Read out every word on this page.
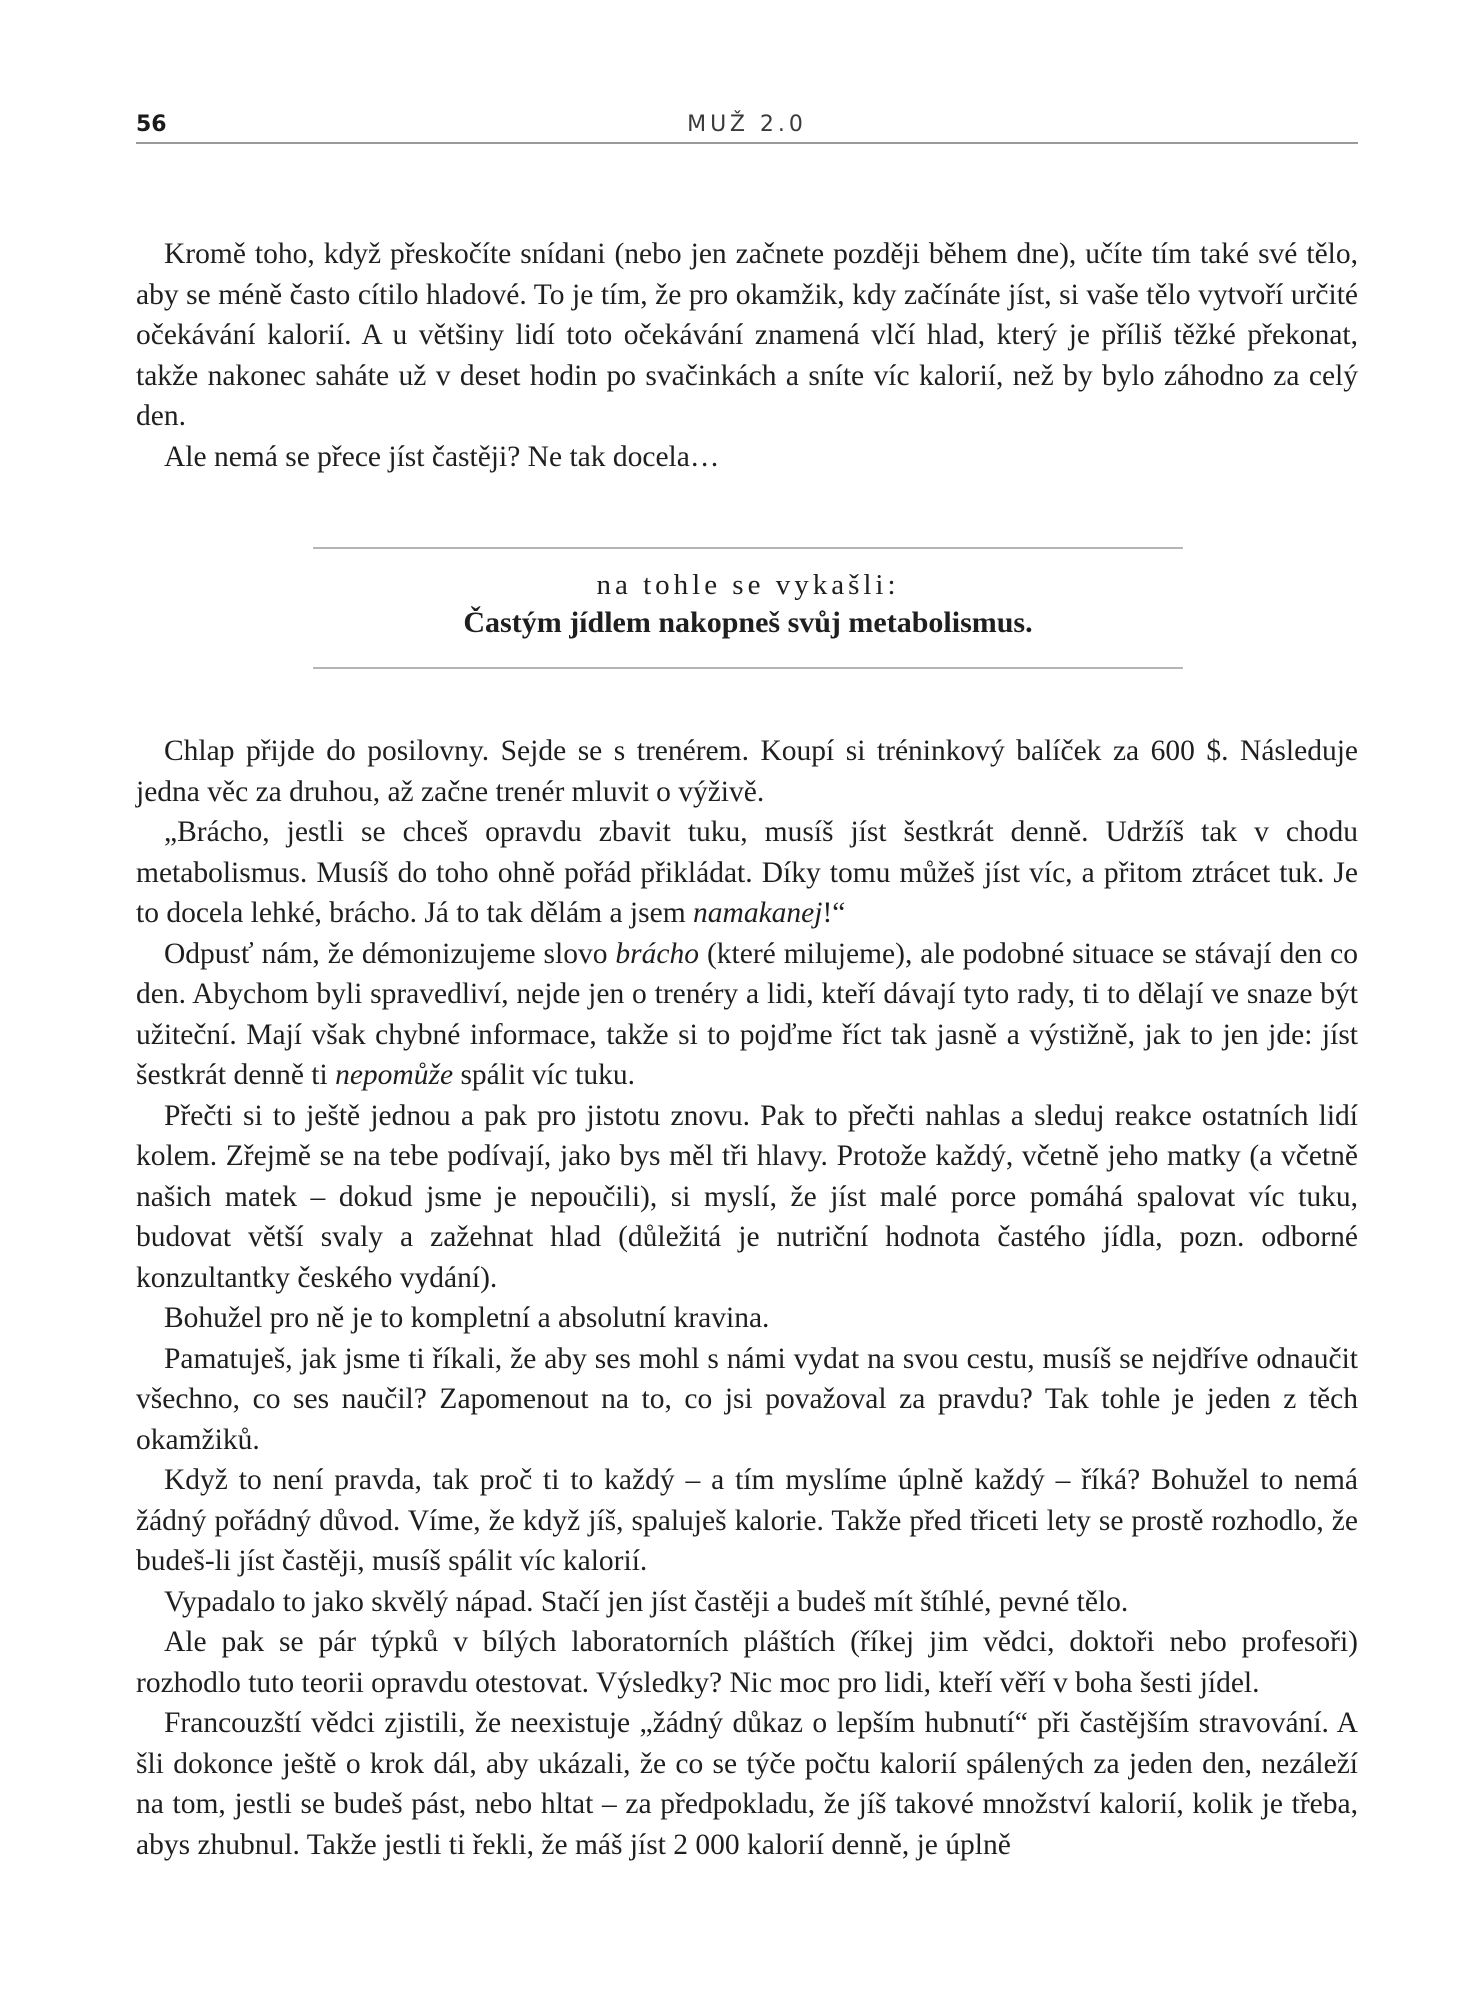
56	MUŽ 2.0

Kromě toho, když přeskočíte snídani (nebo jen začnete později během dne), učíte tím také své tělo, aby se méně často cítilo hladové. To je tím, že pro okamžik, kdy začínáte jíst, si vaše tělo vytvoří určité očekávání kalorií. A u většiny lidí toto očekávání znamená vlčí hlad, který je příliš těžké překonat, takže nakonec saháte už v deset hodin po svačinkách a sníte víc kalorií, než by bylo záhodno za celý den.

Ale nemá se přece jíst častěji? Ne tak docela…

na tohle se vykašli:
Častým jídlem nakopneš svůj metabolismus.

Chlap přijde do posilovny. Sejde se s trenérem. Koupí si tréninkový balíček za 600 $. Následuje jedna věc za druhou, až začne trenér mluvit o výživě.

„Brácho, jestli se chceš opravdu zbavit tuku, musíš jíst šestkrát denně. Udržíš tak v chodu metabolismus. Musíš do toho ohně pořád přikládat. Díky tomu můžeš jíst víc, a přitom ztrácet tuk. Je to docela lehké, brácho. Já to tak dělám a jsem namakanej!“

Odpusť nám, že démonizujeme slovo brácho (které milujeme), ale podobné situace se stávají den co den. Abychom byli spravedliví, nejde jen o trenéry a lidi, kteří dávají tyto rady, ti to dělají ve snaze být užiteční. Mají však chybné informace, takže si to pojďme říct tak jasně a výstižně, jak to jen jde: jíst šestkrát denně ti nepomůže spálit víc tuku.

Přečti si to ještě jednou a pak pro jistotu znovu. Pak to přečti nahlas a sleduj reakce ostatních lidí kolem. Zřejmě se na tebe podívají, jako bys měl tři hlavy. Protože každý, včetně jeho matky (a včetně našich matek – dokud jsme je nepoučili), si myslí, že jíst malé porce pomáhá spalovat víc tuku, budovat větší svaly a zažehnat hlad (důležitá je nutriční hodnota častého jídla, pozn. odborné konzultantky českého vydání).

Bohužel pro ně je to kompletní a absolutní kravina.

Pamatuješ, jak jsme ti říkali, že aby ses mohl s námi vydat na svou cestu, musíš se nejdříve odnaučit všechno, co ses naučil? Zapomenout na to, co jsi považoval za pravdu? Tak tohle je jeden z těch okamžiků.

Když to není pravda, tak proč ti to každý – a tím myslíme úplně každý – říká? Bohužel to nemá žádný pořádný důvod. Víme, že když jíš, spaluješ kalorie. Takže před třiceti lety se prostě rozhodlo, že budeš-li jíst častěji, musíš spálit víc kalorií.

Vypadalo to jako skvělý nápad. Stačí jen jíst častěji a budeš mít štíhlé, pevné tělo.

Ale pak se pár týpků v bílých laboratorních pláštích (říkej jim vědci, doktoři nebo profesoři) rozhodlo tuto teorii opravdu otestovat. Výsledky? Nic moc pro lidi, kteří věří v boha šesti jídel.

Francouzští vědci zjistili, že neexistuje „žádný důkaz o lepším hubnutí“ při častějším stravování. A šli dokonce ještě o krok dál, aby ukázali, že co se týče počtu kalorií spálených za jeden den, nezáleží na tom, jestli se budeš pást, nebo hltat – za předpokladu, že jíš takové množství kalorií, kolik je třeba, abys zhubnul. Takže jestli ti řekli, že máš jíst 2 000 kalorií denně, je úplně
